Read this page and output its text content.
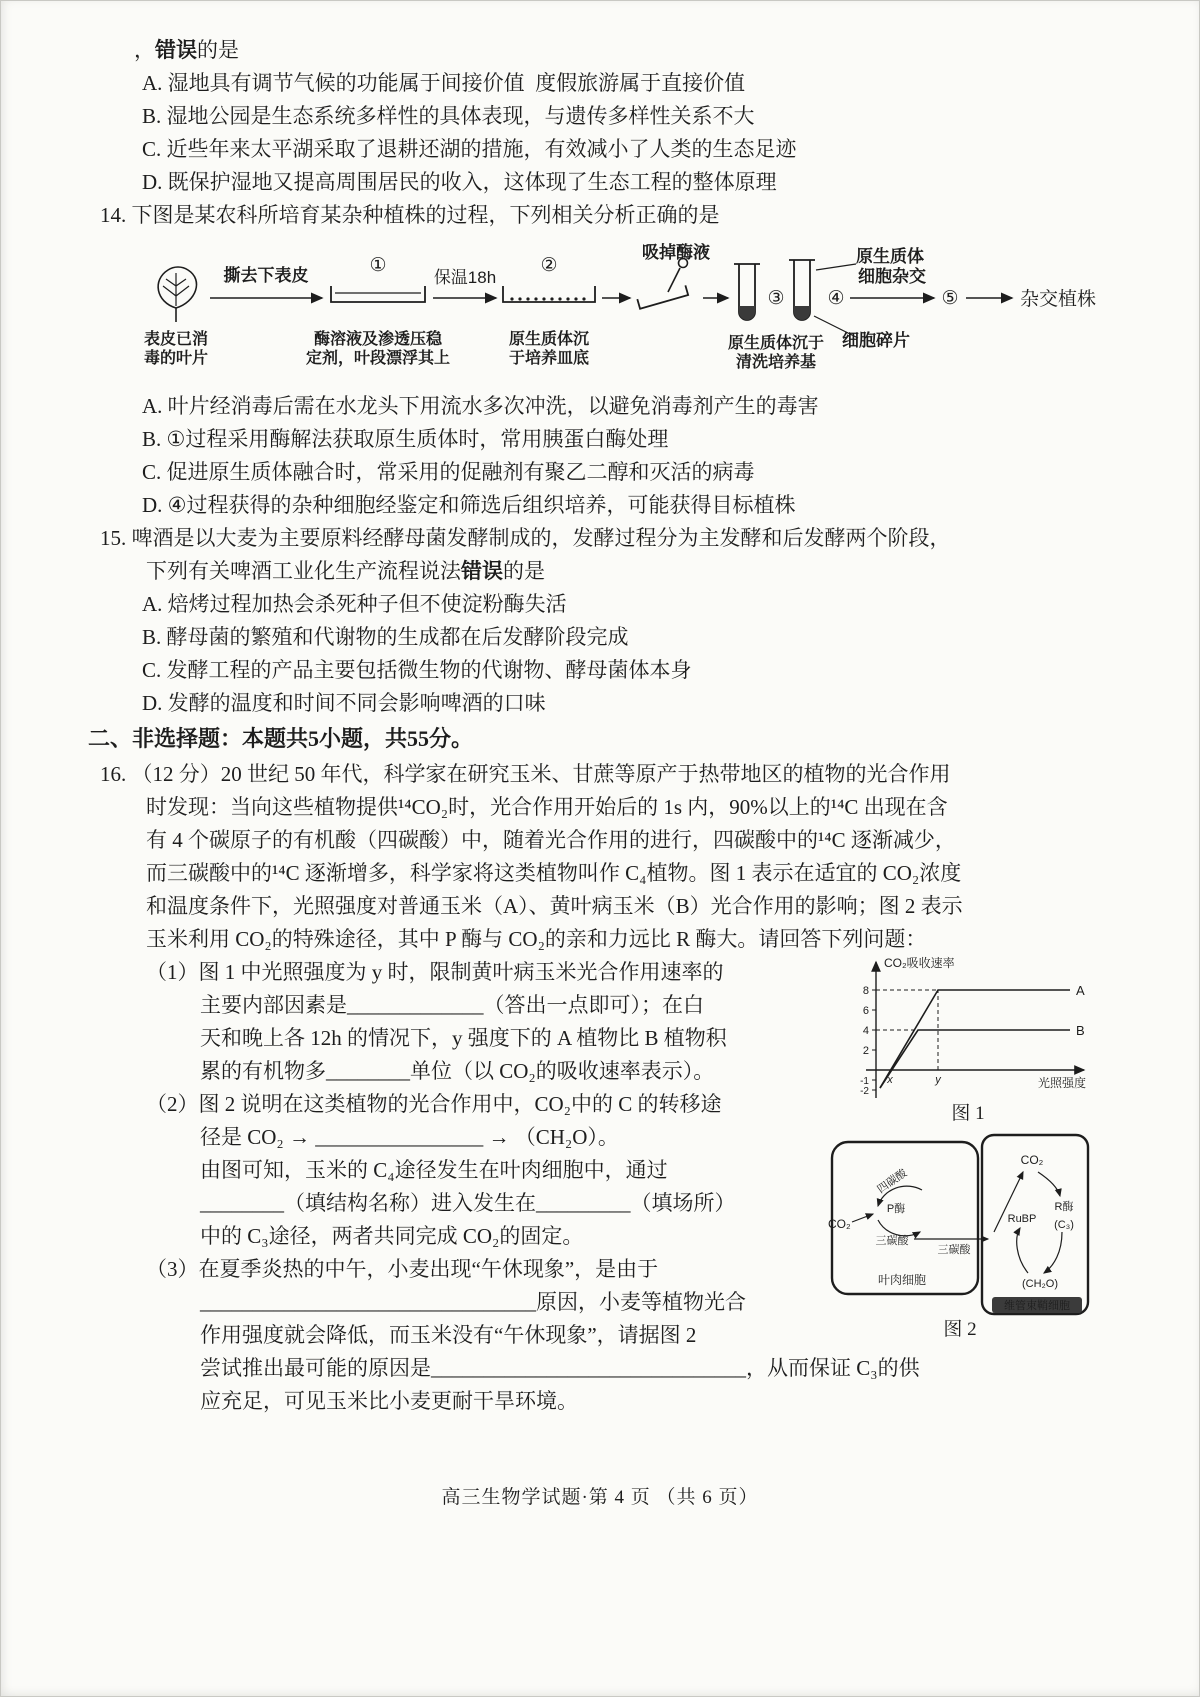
，错误的是
A. 湿地具有调节气候的功能属于间接价值  度假旅游属于直接价值
B. 湿地公园是生态系统多样性的具体表现，与遗传多样性关系不大
C. 近些年来太平湖采取了退耕还湖的措施，有效减小了人类的生态足迹
D. 既保护湿地又提高周围居民的收入，这体现了生态工程的整体原理
14. 下图是某农科所培育某杂种植株的过程，下列相关分析正确的是
表皮已消
毒的叶片
撕去下表皮	①
酶溶液及渗透压稳
定剂，叶段漂浮其上
保温18h
②
原生质体沉
于培养皿底
吸掉酶液
③
原生质体沉于
清洗培养基
原生质体
细胞碎片
④
细胞杂交
⑤	杂交植株
A. 叶片经消毒后需在水龙头下用流水多次冲洗，以避免消毒剂产生的毒害
B. ①过程采用酶解法获取原生质体时，常用胰蛋白酶处理
C. 促进原生质体融合时，常采用的促融剂有聚乙二醇和灭活的病毒
D. ④过程获得的杂种细胞经鉴定和筛选后组织培养，可能获得目标植株
15. 啤酒是以大麦为主要原料经酵母菌发酵制成的，发酵过程分为主发酵和后发酵两个阶段，
下列有关啤酒工业化生产流程说法错误的是
A. 焙烤过程加热会杀死种子但不使淀粉酶失活
B. 酵母菌的繁殖和代谢物的生成都在后发酵阶段完成
C. 发酵工程的产品主要包括微生物的代谢物、酵母菌体本身
D. 发酵的温度和时间不同会影响啤酒的口味
二、非选择题：本题共5小题，共55分。
16. （12 分）20 世纪 50 年代，科学家在研究玉米、甘蔗等原产于热带地区的植物的光合作用
时发现：当向这些植物提供¹⁴CO₂时，光合作用开始后的 1s 内，90%以上的¹⁴C 出现在含
有 4 个碳原子的有机酸（四碳酸）中，随着光合作用的进行，四碳酸中的¹⁴C 逐渐减少，
而三碳酸中的¹⁴C 逐渐增多，科学家将这类植物叫作 C₄植物。图 1 表示在适宜的 CO₂浓度
和温度条件下，光照强度对普通玉米（A）、黄叶病玉米（B）光合作用的影响；图 2 表示
玉米利用 CO₂的特殊途径，其中 P 酶与 CO₂的亲和力远比 R 酶大。请回答下列问题：
（1）图 1 中光照强度为 y 时，限制黄叶病玉米光合作用速率的
主要内部因素是_____________（答出一点即可）；在白
天和晚上各 12h 的情况下，y 强度下的 A 植物比 B 植物积
累的有机物多________单位（以 CO₂的吸收速率表示）。
（2）图 2 说明在这类植物的光合作用中，CO₂中的 C 的转移途
径是 CO₂ → ________________ → （CH₂O）。
由图可知，玉米的 C₄途径发生在叶肉细胞中，通过
________（填结构名称）进入发生在_________（填场所）
中的 C₃途径，两者共同完成 CO₂的固定。
（3）在夏季炎热的中午，小麦出现“午休现象”，是由于
________________________________原因，小麦等植物光合
作用强度就会降低，而玉米没有“午休现象”，请据图 2
尝试推出最可能的原因是______________________________，从而保证 C₃的供
应充足，可见玉米比小麦更耐干旱环境。
CO₂吸收速率
光照强度
8
6
4
2
-1
-2
x	y
A
B
图 1
CO₂
四碳酸
P酶
三碳酸
三碳酸
CO₂
RuBP
R酶
(C₃)
(CH₂O)
叶肉细胞
维管束鞘细胞
图 2
高三生物学试题·第 4 页 （共 6 页）
